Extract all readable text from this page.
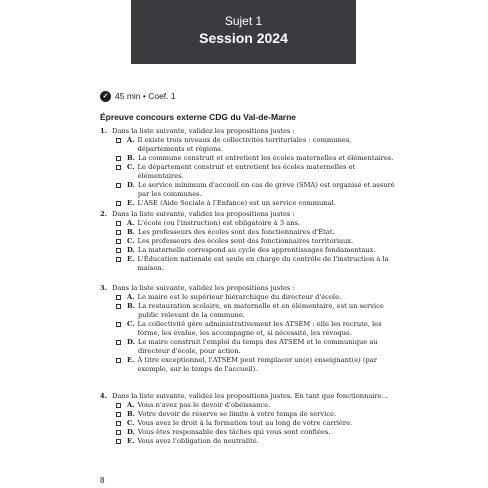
Sujet 1
Session 2024
✓ 45 min • Coef. 1
Épreuve concours externe CDG du Val-de-Marne
1. Dans la liste suivante, validez les propositions justes :
A. Il existe trois niveaux de collectivités territoriales : communes, départements et régions.
B. La commune construit et entretient les écoles maternelles et élémentaires.
C. Le département construit et entretient les écoles maternelles et élémentaires.
D. Le service minimum d'accueil en cas de grève (SMA) est organisé et assuré par les communes.
E. L'ASE (Aide Sociale à l'Enfance) est un service communal.
2. Dans la liste suivante, validez les propositions justes :
A. L'école (ou l'instruction) est obligatoire à 3 ans.
B. Les professeurs des écoles sont des fonctionnaires d'État.
C. Les professeurs des écoles sont des fonctionnaires territoriaux.
D. La maternelle correspond au cycle des apprentissages fondamentaux.
E. L'Éducation nationale est seule en charge du contrôle de l'instruction à la maison.
3. Dans la liste suivante, validez les propositions justes :
A. Le maire est le supérieur hiérarchique du directeur d'école.
B. La restauration scolaire, en maternelle et en élémentaire, est un service public relevant de la commune.
C. La collectivité gère administrativement les ATSEM : elle les recrute, les forme, les évalue, les accompagne et, si nécessité, les révoque.
D. Le maire construit l'emploi du temps des ATSEM et le communique au directeur d'école, pour action.
E. À titre exceptionnel, l'ATSEM peut remplacer un(e) enseignant(e) (par exemple, sur le temps de l'accueil).
4. Dans la liste suivante, validez les propositions justes. En tant que fonctionnaire…
A. Vous n'avez pas le devoir d'obéissance.
B. Votre devoir de réserve se limite à votre temps de service.
C. Vous avez le droit à la formation tout au long de votre carrière.
D. Vous êtes responsable des tâches qui vous sont confiées.
E. Vous avez l'obligation de neutralité.
8
